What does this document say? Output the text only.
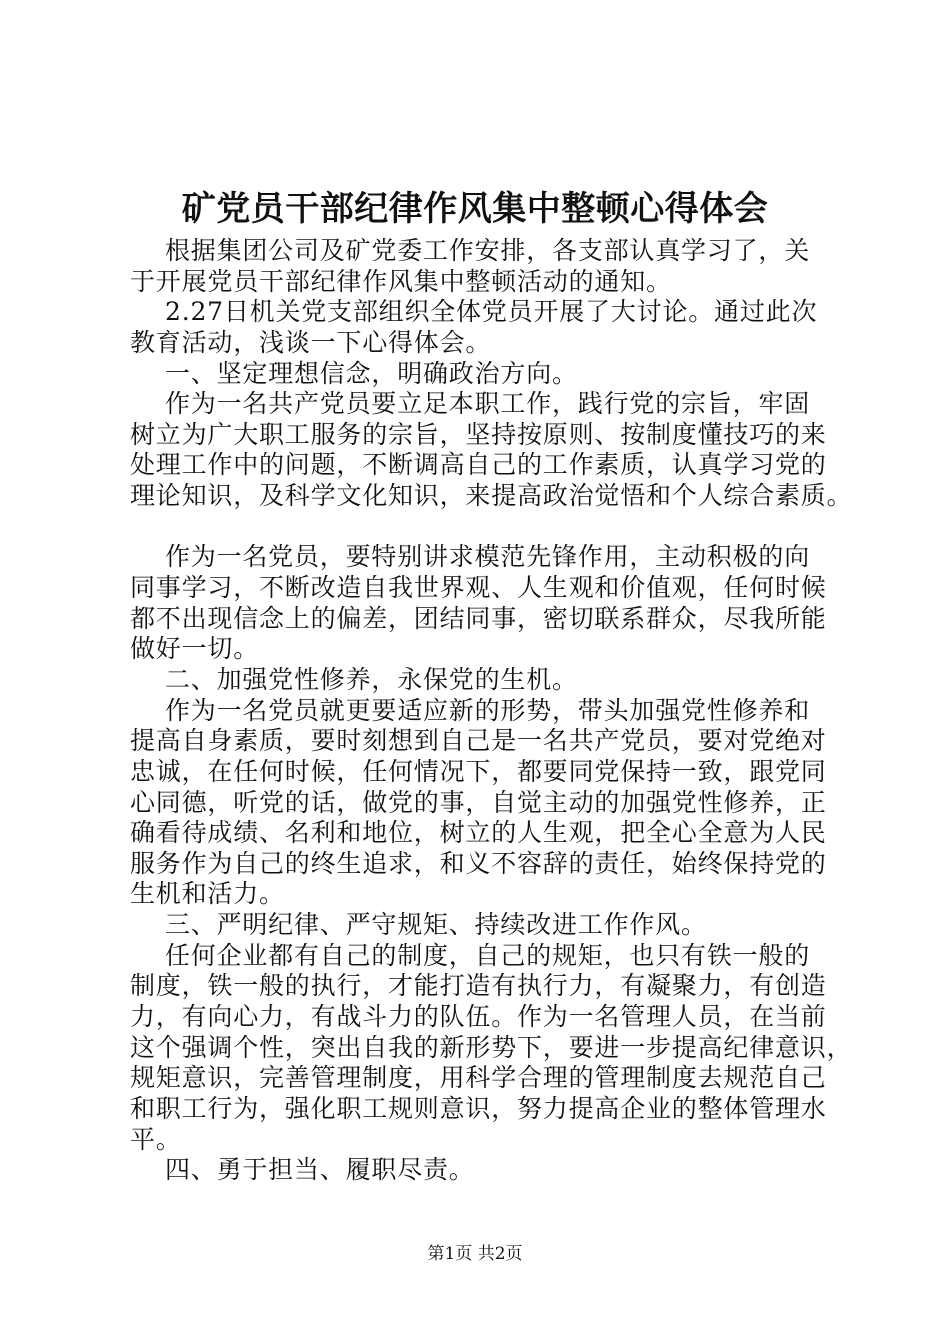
矿党员干部纪律作风集中整顿心得体会
根据集团公司及矿党委工作安排，各支部认真学习了，关
于开展党员干部纪律作风集中整顿活动的通知。
2.27日机关党支部组织全体党员开展了大讨论。通过此次
教育活动，浅谈一下心得体会。
一、坚定理想信念，明确政治方向。
作为一名共产党员要立足本职工作，践行党的宗旨，牢固
树立为广大职工服务的宗旨，坚持按原则、按制度懂技巧的来
处理工作中的问题，不断调高自己的工作素质，认真学习党的
理论知识，及科学文化知识，来提高政治觉悟和个人综合素质。
作为一名党员，要特别讲求模范先锋作用，主动积极的向
同事学习，不断改造自我世界观、人生观和价值观，任何时候
都不出现信念上的偏差，团结同事，密切联系群众，尽我所能
做好一切。
二、加强党性修养，永保党的生机。
作为一名党员就更要适应新的形势，带头加强党性修养和
提高自身素质，要时刻想到自己是一名共产党员，要对党绝对
忠诚，在任何时候，任何情况下，都要同党保持一致，跟党同
心同德，听党的话，做党的事，自觉主动的加强党性修养，正
确看待成绩、名利和地位，树立的人生观，把全心全意为人民
服务作为自己的终生追求，和义不容辞的责任，始终保持党的
生机和活力。
三、严明纪律、严守规矩、持续改进工作作风。
任何企业都有自己的制度，自己的规矩，也只有铁一般的
制度，铁一般的执行，才能打造有执行力，有凝聚力，有创造
力，有向心力，有战斗力的队伍。作为一名管理人员，在当前
这个强调个性，突出自我的新形势下，要进一步提高纪律意识，
规矩意识，完善管理制度，用科学合理的管理制度去规范自己
和职工行为，强化职工规则意识，努力提高企业的整体管理水
平。
四、勇于担当、履职尽责。
第1页 共2页
